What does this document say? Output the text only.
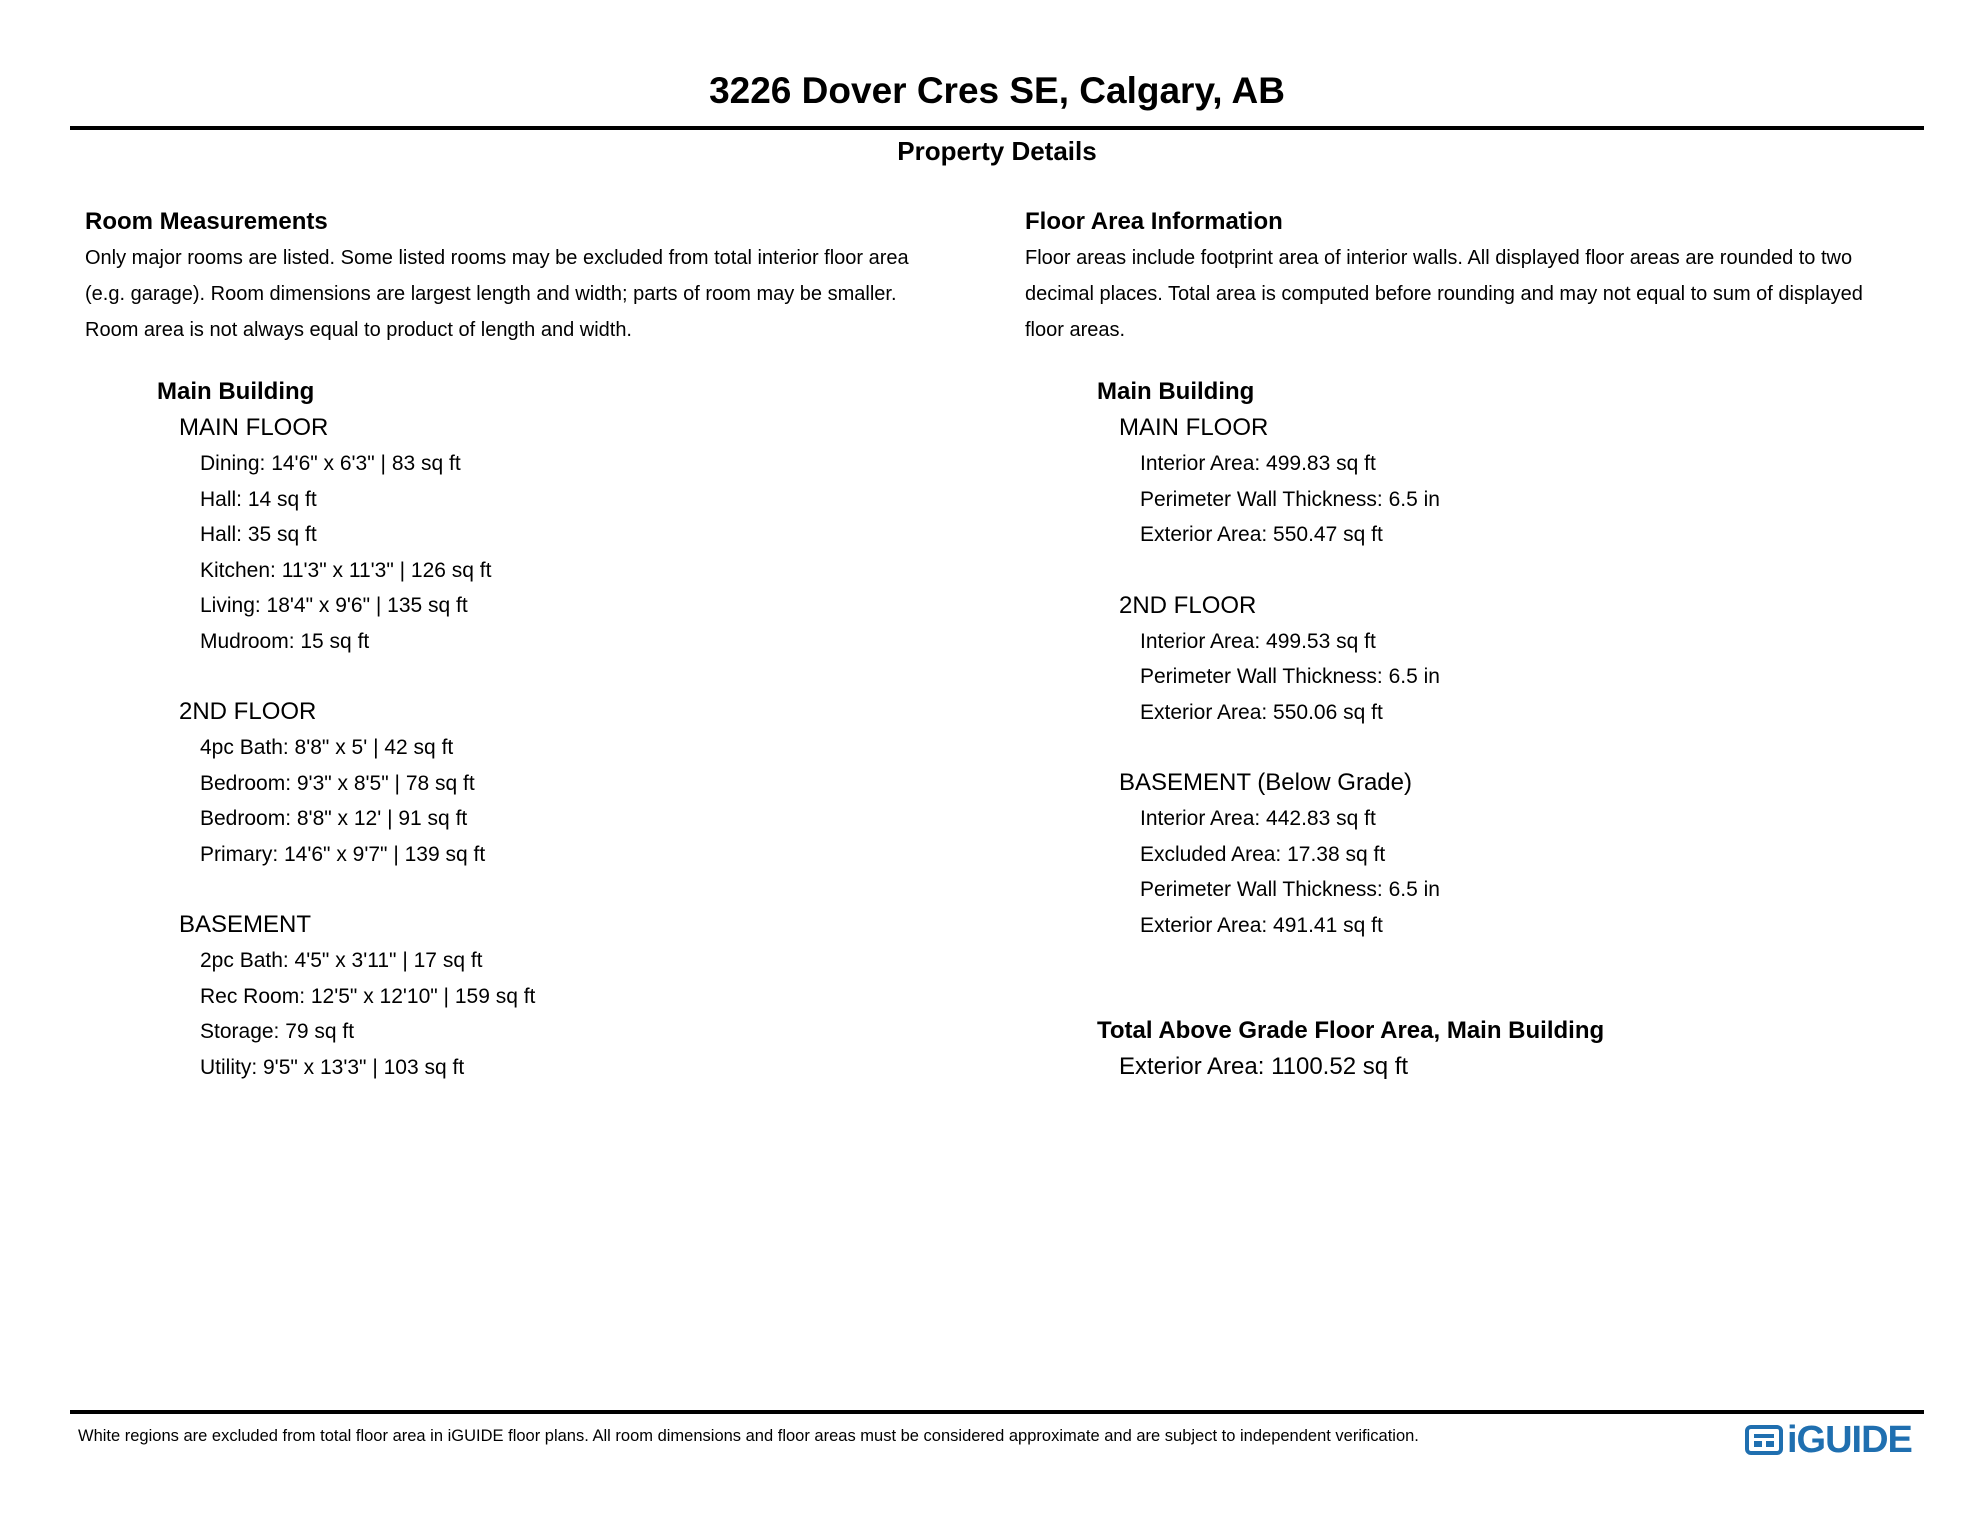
3226 Dover Cres SE, Calgary, AB
Property Details
Room Measurements
Only major rooms are listed. Some listed rooms may be excluded from total interior floor area
(e.g. garage). Room dimensions are largest length and width; parts of room may be smaller.
Room area is not always equal to product of length and width.
Main Building
MAIN FLOOR
Dining: 14'6" x 6'3" | 83 sq ft
Hall: 14 sq ft
Hall: 35 sq ft
Kitchen: 11'3" x 11'3" | 126 sq ft
Living: 18'4" x 9'6" | 135 sq ft
Mudroom: 15 sq ft
2ND FLOOR
4pc Bath: 8'8" x 5' | 42 sq ft
Bedroom: 9'3" x 8'5" | 78 sq ft
Bedroom: 8'8" x 12' | 91 sq ft
Primary: 14'6" x 9'7" | 139 sq ft
BASEMENT
2pc Bath: 4'5" x 3'11" | 17 sq ft
Rec Room: 12'5" x 12'10" | 159 sq ft
Storage: 79 sq ft
Utility: 9'5" x 13'3" | 103 sq ft
Floor Area Information
Floor areas include footprint area of interior walls. All displayed floor areas are rounded to two
decimal places. Total area is computed before rounding and may not equal to sum of displayed
floor areas.
Main Building
MAIN FLOOR
Interior Area: 499.83 sq ft
Perimeter Wall Thickness: 6.5 in
Exterior Area: 550.47 sq ft
2ND FLOOR
Interior Area: 499.53 sq ft
Perimeter Wall Thickness: 6.5 in
Exterior Area: 550.06 sq ft
BASEMENT (Below Grade)
Interior Area: 442.83 sq ft
Excluded Area: 17.38 sq ft
Perimeter Wall Thickness: 6.5 in
Exterior Area: 491.41 sq ft
Total Above Grade Floor Area, Main Building
Exterior Area: 1100.52 sq ft
White regions are excluded from total floor area in iGUIDE floor plans. All room dimensions and floor areas must be considered approximate and are subject to independent verification.	iGUIDE
